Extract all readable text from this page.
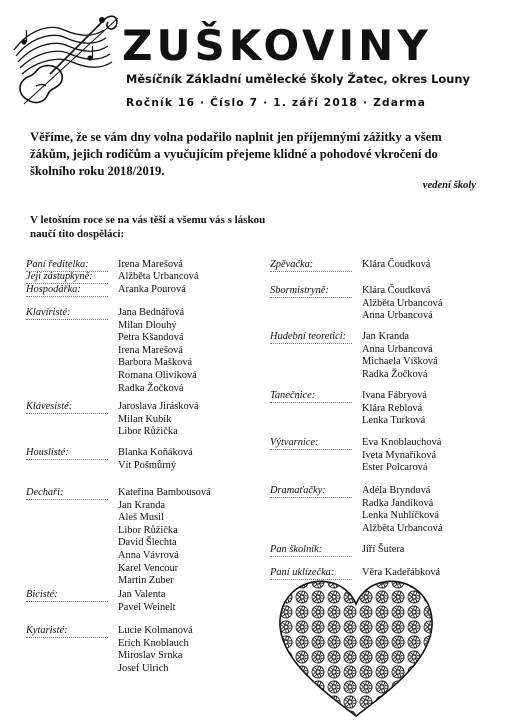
ZUŠKOVINY
Měsíčník Základní umělecké školy Žatec, okres Louny
Ročník 16 · Číslo 7 · 1. září 2018 · Zdarma
Věříme, že se vám dny volna podařilo naplnit jen příjemnými zážitky a všem žákům, jejich rodičům a vyučujícím přejeme klidné a pohodové vkročení do školního roku 2018/2019.
vedení školy
V letošním roce se na vás těší a všemu vás s láskou naučí tito dospěláci:
Paní ředitelka:	Irena Marešová
Její zástupkyně: Alžběta Urbancová
Hospodářka:	Aranka Pourová
Klavíristé:	Jana Bednářová
Milan Dlouhý
Petra Kšandová
Irena Marešová
Barbora Mašková
Romana Olivíková
Radka Žočková
Klávesisté:	Jaroslava Jirásková
Milan Kubík
Libor Růžička
Houslisté:	Blanka Koňáková
Vít Pošmůrný
Dechaři:	Kateřina Bambousová
Jan Kranda
Aleš Musil
Libor Růžička
David Šlechta
Anna Vávrová
Karel Vencour
Martin Zuber
Bicisté:	Jan Valenta
Pavel Weinelt
Kytaristé:	Lucie Kolmanová
Erich Knoblauch
Miroslav Srnka
Josef Ulrich
Zpěvačka:	Klára Čoudková
Sbormistryně:	Klára Čoudková
Alžběta Urbancová
Anna Urbancová
Hudební teoretici: Jan Kranda
Anna Urbancová
Michaela Víšková
Radka Žočková
Tanečnice:	Ivana Fábryová
Klára Reblová
Lenka Turková
Výtvarnice:	Eva Knoblauchová
Iveta Mynaříková
Ester Polcarová
Dramaťačky:	Adéla Bryndová
Radka Jandíková
Lenka Nuhlíčková
Alžběta Urbancová
Pan školník:	Jiří Šutera
Paní uklízečka:	Věra Kadeřábková
